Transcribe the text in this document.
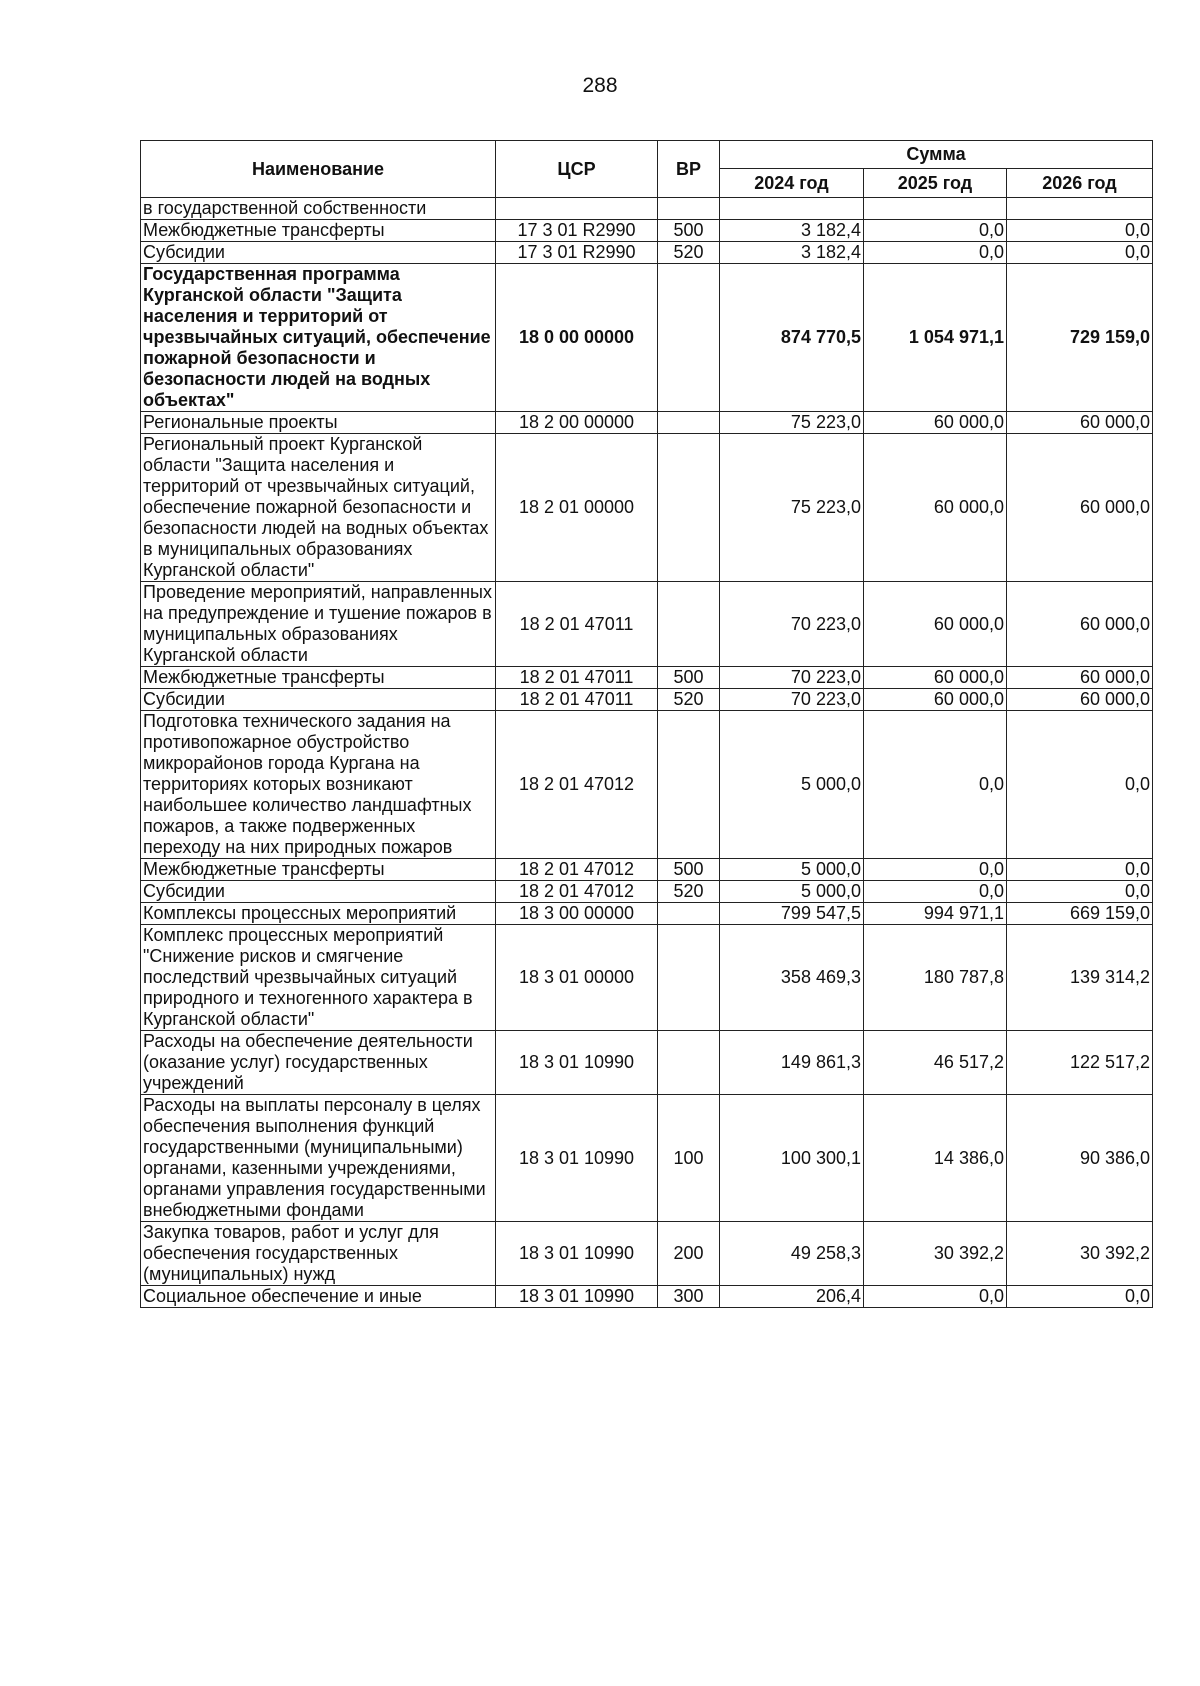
288
Наименование	ЦСР	ВР	Сумма		
			2024 год	2025 год	2026 год
в государственной собственности					
Межбюджетные трансферты	17 3 01 R2990	500	3 182,4	0,0	0,0
Субсидии	17 3 01 R2990	520	3 182,4	0,0	0,0
Государственная программа Курганской области "Защита населения и территорий от чрезвычайных ситуаций, обеспечение пожарной безопасности и безопасности людей на водных объектах"	18 0 00 00000		874 770,5	1 054 971,1	729 159,0
Региональные проекты	18 2 00 00000		75 223,0	60 000,0	60 000,0
Региональный проект Курганской области "Защита населения и территорий от чрезвычайных ситуаций, обеспечение пожарной безопасности и безопасности людей на водных объектах в муниципальных образованиях Курганской области"	18 2 01 00000		75 223,0	60 000,0	60 000,0
Проведение мероприятий, направленных на предупреждение и тушение пожаров в муниципальных образованиях Курганской области	18 2 01 47011		70 223,0	60 000,0	60 000,0
Межбюджетные трансферты	18 2 01 47011	500	70 223,0	60 000,0	60 000,0
Субсидии	18 2 01 47011	520	70 223,0	60 000,0	60 000,0
Подготовка технического задания на противопожарное обустройство микрорайонов города Кургана на территориях которых возникают наибольшее количество ландшафтных пожаров, а также подверженных переходу на них природных пожаров	18 2 01 47012		5 000,0	0,0	0,0
Межбюджетные трансферты	18 2 01 47012	500	5 000,0	0,0	0,0
Субсидии	18 2 01 47012	520	5 000,0	0,0	0,0
Комплексы процессных мероприятий	18 3 00 00000		799 547,5	994 971,1	669 159,0
Комплекс процессных мероприятий "Снижение рисков и смягчение последствий чрезвычайных ситуаций природного и техногенного характера в Курганской области"	18 3 01 00000		358 469,3	180 787,8	139 314,2
Расходы на обеспечение деятельности (оказание услуг) государственных учреждений	18 3 01 10990		149 861,3	46 517,2	122 517,2
Расходы на выплаты персоналу в целях обеспечения выполнения функций государственными (муниципальными) органами, казенными учреждениями, органами управления государственными внебюджетными фондами	18 3 01 10990	100	100 300,1	14 386,0	90 386,0
Закупка товаров, работ и услуг для обеспечения государственных (муниципальных) нужд	18 3 01 10990	200	49 258,3	30 392,2	30 392,2
Социальное обеспечение и иные	18 3 01 10990	300	206,4	0,0	0,0
